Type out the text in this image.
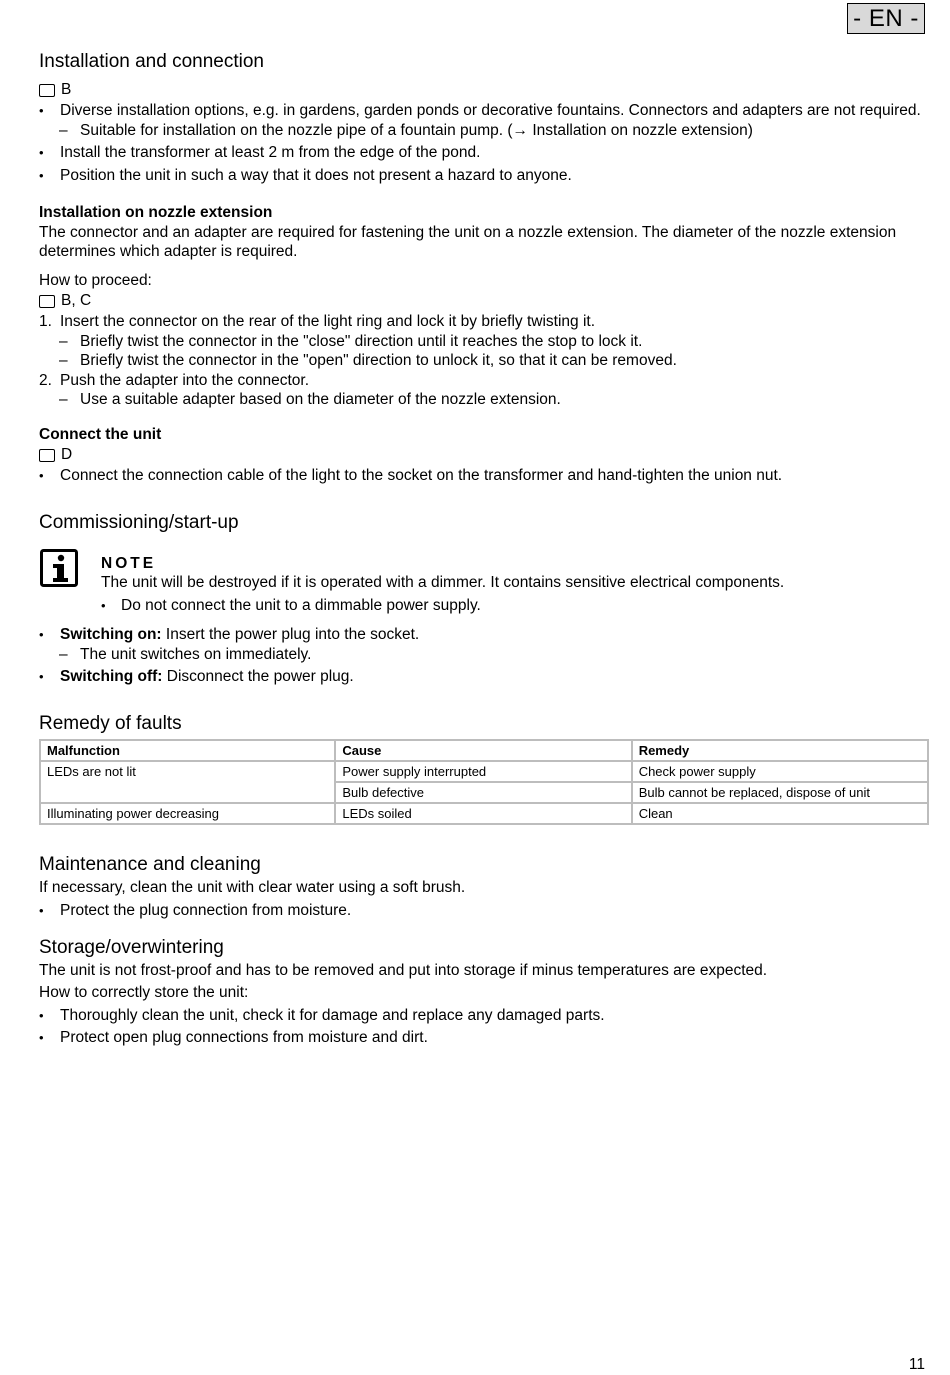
- EN -
Installation and connection
B
• Diverse installation options, e.g. in gardens, garden ponds or decorative fountains. Connectors and adapters are not required.
– Suitable for installation on the nozzle pipe of a fountain pump. (→ Installation on nozzle extension)
• Install the transformer at least 2 m from the edge of the pond.
• Position the unit in such a way that it does not present a hazard to anyone.
Installation on nozzle extension

The connector and an adapter are required for fastening the unit on a nozzle extension. The diameter of the nozzle extension determines which adapter is required.

How to proceed:

B, C
1. Insert the connector on the rear of the light ring and lock it by briefly twisting it.
– Briefly twist the connector in the "close" direction until it reaches the stop to lock it.
– Briefly twist the connector in the "open" direction to unlock it, so that it can be removed.
2. Push the adapter into the connector.
– Use a suitable adapter based on the diameter of the nozzle extension.
Connect the unit
D
• Connect the connection cable of the light to the socket on the transformer and hand-tighten the union nut.
Commissioning/start-up
NOTE

The unit will be destroyed if it is operated with a dimmer. It contains sensitive electrical components.

• Do not connect the unit to a dimmable power supply.
• Switching on: Insert the power plug into the socket.
– The unit switches on immediately.
• Switching off: Disconnect the power plug.
Remedy of faults
Malfunction	Cause	Remedy
LEDs are not lit	Power supply interrupted	Check power supply
	Bulb defective	Bulb cannot be replaced, dispose of unit
Illuminating power decreasing	LEDs soiled	Clean
Maintenance and cleaning

If necessary, clean the unit with clear water using a soft brush.

• Protect the plug connection from moisture.
Storage/overwintering

The unit is not frost-proof and has to be removed and put into storage if minus temperatures are expected.

How to correctly store the unit:

• Thoroughly clean the unit, check it for damage and replace any damaged parts.
• Protect open plug connections from moisture and dirt.
11
